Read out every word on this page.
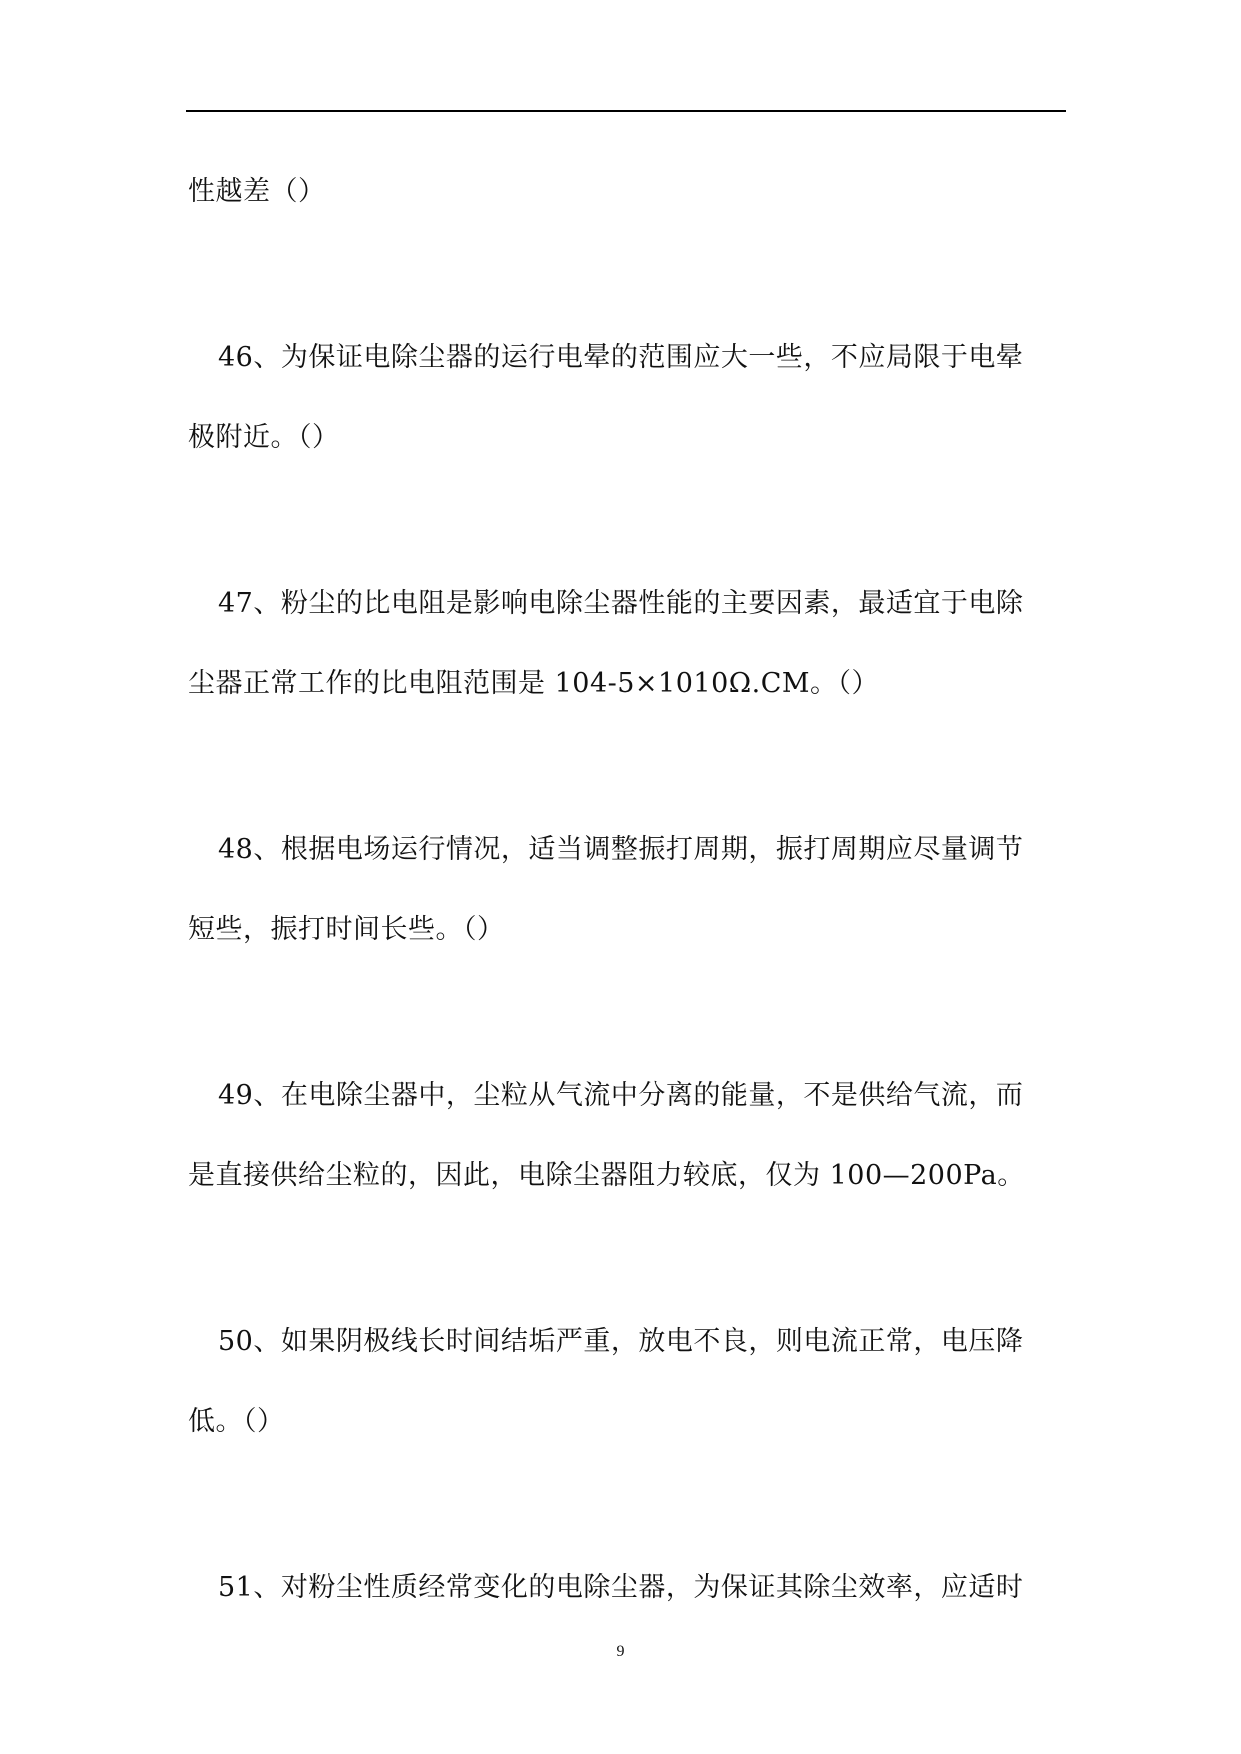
性越差（）
46、为保证电除尘器的运行电晕的范围应大一些，不应局限于电晕
极附近。（）
47、粉尘的比电阻是影响电除尘器性能的主要因素，最适宜于电除
尘器正常工作的比电阻范围是 104-5×1010Ω.CM。（）
48、根据电场运行情况，适当调整振打周期，振打周期应尽量调节
短些，振打时间长些。（）
49、在电除尘器中，尘粒从气流中分离的能量，不是供给气流，而
是直接供给尘粒的，因此，电除尘器阻力较底，仅为 100—200Pa。
50、如果阴极线长时间结垢严重，放电不良，则电流正常，电压降
低。（）
51、对粉尘性质经常变化的电除尘器，为保证其除尘效率，应适时
9
